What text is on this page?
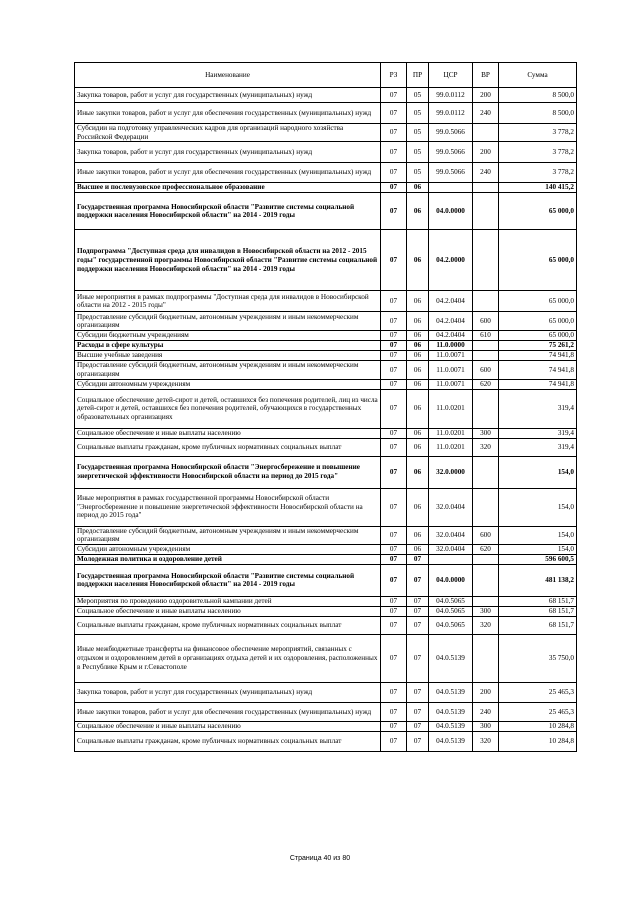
Наименование	РЗ	ПР	ЦСР	ВР	Сумма
Закупка товаров, работ и услуг для государственных (муниципальных) нужд	07	05	99.0.0112	200	8 500,0
Иные закупки товаров, работ и услуг для обеспечения государственных (муниципальных) нужд	07	05	99.0.0112	240	8 500,0
Субсидии на подготовку управленческих кадров для организаций народного хозяйства Российской Федерации	07	05	99.0.5066		3 778,2
Закупка товаров, работ и услуг для государственных (муниципальных) нужд	07	05	99.0.5066	200	3 778,2
Иные закупки товаров, работ и услуг для обеспечения государственных (муниципальных) нужд	07	05	99.0.5066	240	3 778,2
Высшее и послевузовское профессиональное образование	07	06			140 415,2
Государственная программа Новосибирской области "Развитие системы социальной поддержки населения Новосибирской области" на 2014 - 2019 годы	07	06	04.0.0000		65 000,0
Подпрограмма "Доступная среда для инвалидов в Новосибирской области на 2012 - 2015 годы" государственной программы Новосибирской области "Развитие системы социальной поддержки населения Новосибирской области" на 2014 - 2019 годы	07	06	04.2.0000		65 000,0
Иные мероприятия в рамках подпрограммы "Доступная среда для инвалидов в Новосибирской области на 2012 - 2015 годы"	07	06	04.2.0404		65 000,0
Предоставление субсидий бюджетным, автономным учреждениям и иным некоммерческим организациям	07	06	04.2.0404	600	65 000,0
Субсидии бюджетным учреждениям	07	06	04.2.0404	610	65 000,0
Расходы в сфере культуры	07	06	11.0.0000		75 261,2
Высшие учебные заведения	07	06	11.0.0071		74 941,8
Предоставление субсидий бюджетным, автономным учреждениям и иным некоммерческим организациям	07	06	11.0.0071	600	74 941,8
Субсидии автономным учреждениям	07	06	11.0.0071	620	74 941,8
Социальное обеспечение детей-сирот и детей, оставшихся без попечения родителей, лиц из числа детей-сирот и детей, оставшихся без попечения родителей, обучающихся в государственных образовательных организациях	07	06	11.0.0201		319,4
Социальное обеспечение и иные выплаты населению	07	06	11.0.0201	300	319,4
Социальные выплаты гражданам, кроме публичных нормативных социальных выплат	07	06	11.0.0201	320	319,4
Государственная программа Новосибирской области "Энергосбережение и повышение энергетической эффективности Новосибирской области на период до 2015 года"	07	06	32.0.0000		154,0
Иные мероприятия в рамках государственной программы Новосибирской области "Энергосбережение и повышение энергетической эффективности Новосибирской области на период до 2015 года"	07	06	32.0.0404		154,0
Предоставление субсидий бюджетным, автономным учреждениям и иным некоммерческим организациям	07	06	32.0.0404	600	154,0
Субсидии автономным учреждениям	07	06	32.0.0404	620	154,0
Молодежная политика и оздоровление детей	07	07			596 600,5
Государственная программа Новосибирской области "Развитие системы социальной поддержки населения Новосибирской области" на 2014 - 2019 годы	07	07	04.0.0000		481 138,2
Мероприятия по проведению оздоровительной кампании детей	07	07	04.0.5065		68 151,7
Социальное обеспечение и иные выплаты населению	07	07	04.0.5065	300	68 151,7
Социальные выплаты гражданам, кроме публичных нормативных социальных выплат	07	07	04.0.5065	320	68 151,7
Иные межбюджетные трансферты на финансовое обеспечение мероприятий, связанных с отдыхом и оздоровлением детей в организациях отдыха детей и их оздоровления, расположенных в Республике Крым и г.Севастополе	07	07	04.0.5139		35 750,0
Закупка товаров, работ и услуг для государственных (муниципальных) нужд	07	07	04.0.5139	200	25 465,3
Иные закупки товаров, работ и услуг для обеспечения государственных (муниципальных) нужд	07	07	04.0.5139	240	25 465,3
Социальное обеспечение и иные выплаты населению	07	07	04.0.5139	300	10 284,8
Социальные выплаты гражданам, кроме публичных нормативных социальных выплат	07	07	04.0.5139	320	10 284,8
Страница 40 из 80
